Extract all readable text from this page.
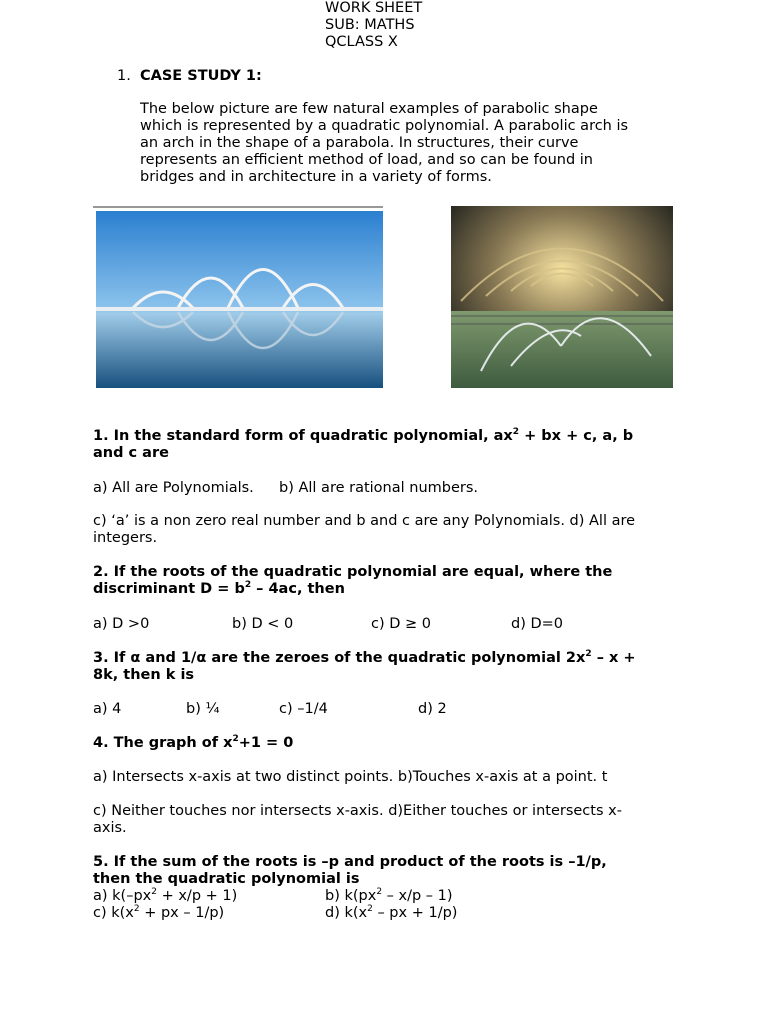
WORK SHEET
SUB: MATHS
QCLASS X
1. CASE STUDY 1:
The below picture are few natural examples of parabolic shape
which is represented by a quadratic polynomial. A parabolic arch is
an arch in the shape of a parabola. In structures, their curve
represents an efficient method of load, and so can be found in
bridges and in architecture in a variety of forms.
1. In the standard form of quadratic polynomial, $ax^2$ + bx + c, a, b
and c are
a) All are Polynomials. b) All are rational numbers.
c) ‘a’ is a non zero real number and b and c are any Polynomials. d) All are
integers.
2. If the roots of the quadratic polynomial are equal, where the
discriminant $D = b^2 - 4ac$, then
a) D >0	b) D < 0	c) D ≥ 0	d) D=0
3. If α and 1/α are the zeroes of the quadratic polynomial $2x^2$ – x +
8k, then k is
a) 4	b) ¼	c) –1/4	d) 2
4. The graph of $x^2+1 = 0$
a) Intersects x-axis at two distinct points. b)Touches x-axis at a point. t
c) Neither touches nor intersects x-axis. d)Either touches or intersects x-
axis.
5. If the sum of the roots is –p and product of the roots is –1/p,
then the quadratic polynomial is
a) $k(-px^2 + x/p + 1)$	b) $k(px^2 - x/p - 1)$
c) $k(x^2$ + px – 1/p)	d) $k(x^2$ – px + 1/p)
